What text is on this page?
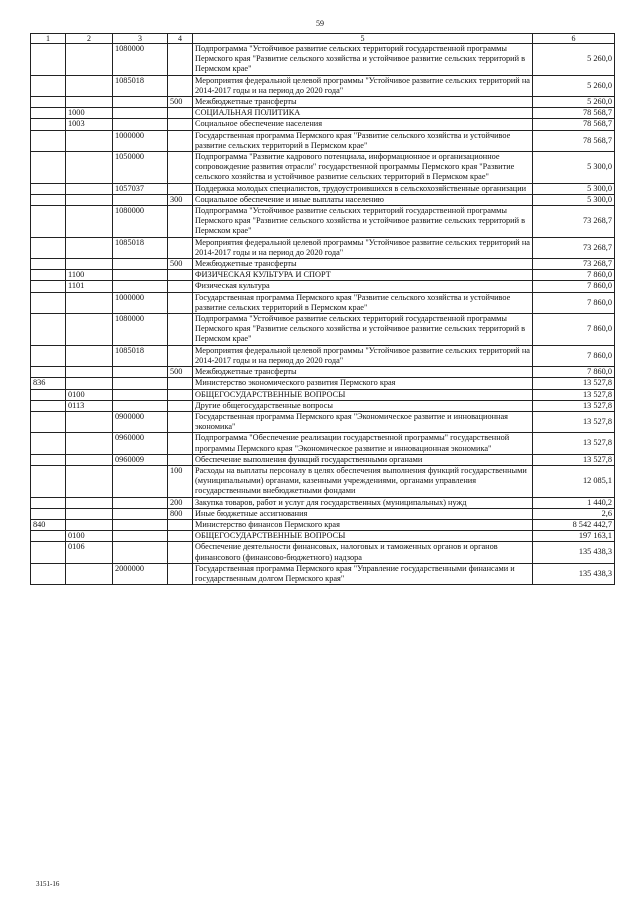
59
1	2	3	4	5	6
		1080000		Подпрограмма "Устойчивое развитие сельских территорий государственной программы Пермского края "Развитие сельского хозяйства и устойчивое развитие сельских территорий в Пермском крае"	5 260,0
		1085018		Мероприятия федеральной целевой программы "Устойчивое развитие сельских территорий на 2014-2017 годы и на период до 2020 года"	5 260,0
			500	Межбюджетные трансферты	5 260,0
	1000			СОЦИАЛЬНАЯ ПОЛИТИКА	78 568,7
	1003			Социальное обеспечение населения	78 568,7
		1000000		Государственная программа Пермского края "Развитие сельского хозяйства и устойчивое развитие сельских территорий в Пермском крае"	78 568,7
		1050000		Подпрограмма "Развитие кадрового потенциала, информационное и организационное сопровождение развития отрасли" государственной программы Пермского края "Развитие сельского хозяйства и устойчивое развитие сельских территорий в Пермском крае"	5 300,0
		1057037		Поддержка молодых специалистов, трудоустроившихся в сельскохозяйственные организации	5 300,0
			300	Социальное обеспечение и иные выплаты населению	5 300,0
		1080000		Подпрограмма "Устойчивое развитие сельских территорий государственной программы Пермского края "Развитие сельского хозяйства и устойчивое развитие сельских территорий в Пермском крае"	73 268,7
		1085018		Мероприятия федеральной целевой программы "Устойчивое развитие сельских территорий на 2014-2017 годы и на период до 2020 года"	73 268,7
			500	Межбюджетные трансферты	73 268,7
	1100			ФИЗИЧЕСКАЯ КУЛЬТУРА И СПОРТ	7 860,0
	1101			Физическая культура	7 860,0
		1000000		Государственная программа Пермского края "Развитие сельского хозяйства и устойчивое развитие сельских территорий в Пермском крае"	7 860,0
		1080000		Подпрограмма "Устойчивое развитие сельских территорий государственной программы Пермского края "Развитие сельского хозяйства и устойчивое развитие сельских территорий в Пермском крае"	7 860,0
		1085018		Мероприятия федеральной целевой программы "Устойчивое развитие сельских территорий на 2014-2017 годы и на период до 2020 года"	7 860,0
			500	Межбюджетные трансферты	7 860,0
836				Министерство экономического развития Пермского края	13 527,8
	0100			ОБЩЕГОСУДАРСТВЕННЫЕ ВОПРОСЫ	13 527,8
	0113			Другие общегосударственные вопросы	13 527,8
		0900000		Государственная программа Пермского края "Экономическое развитие и инновационная экономика"	13 527,8
		0960000		Подпрограмма "Обеспечение реализации государственной программы" государственной программы Пермского края "Экономическое развитие и инновационная экономика"	13 527,8
		0960009		Обеспечение выполнения функций государственными органами	13 527,8
			100	Расходы на выплаты персоналу в целях обеспечения выполнения функций государственными (муниципальными) органами, казенными учреждениями, органами управления государственными внебюджетными фондами	12 085,1
			200	Закупка товаров, работ и услуг для государственных (муниципальных) нужд	1 440,2
			800	Иные бюджетные ассигнования	2,6
840				Министерство финансов Пермского края	8 542 442,7
	0100			ОБЩЕГОСУДАРСТВЕННЫЕ ВОПРОСЫ	197 163,1
	0106			Обеспечение деятельности финансовых, налоговых и таможенных органов и органов финансового (финансово-бюджетного) надзора	135 438,3
		2000000		Государственная программа Пермского края "Управление государственными финансами и государственным долгом Пермского края"	135 438,3
3151-16
